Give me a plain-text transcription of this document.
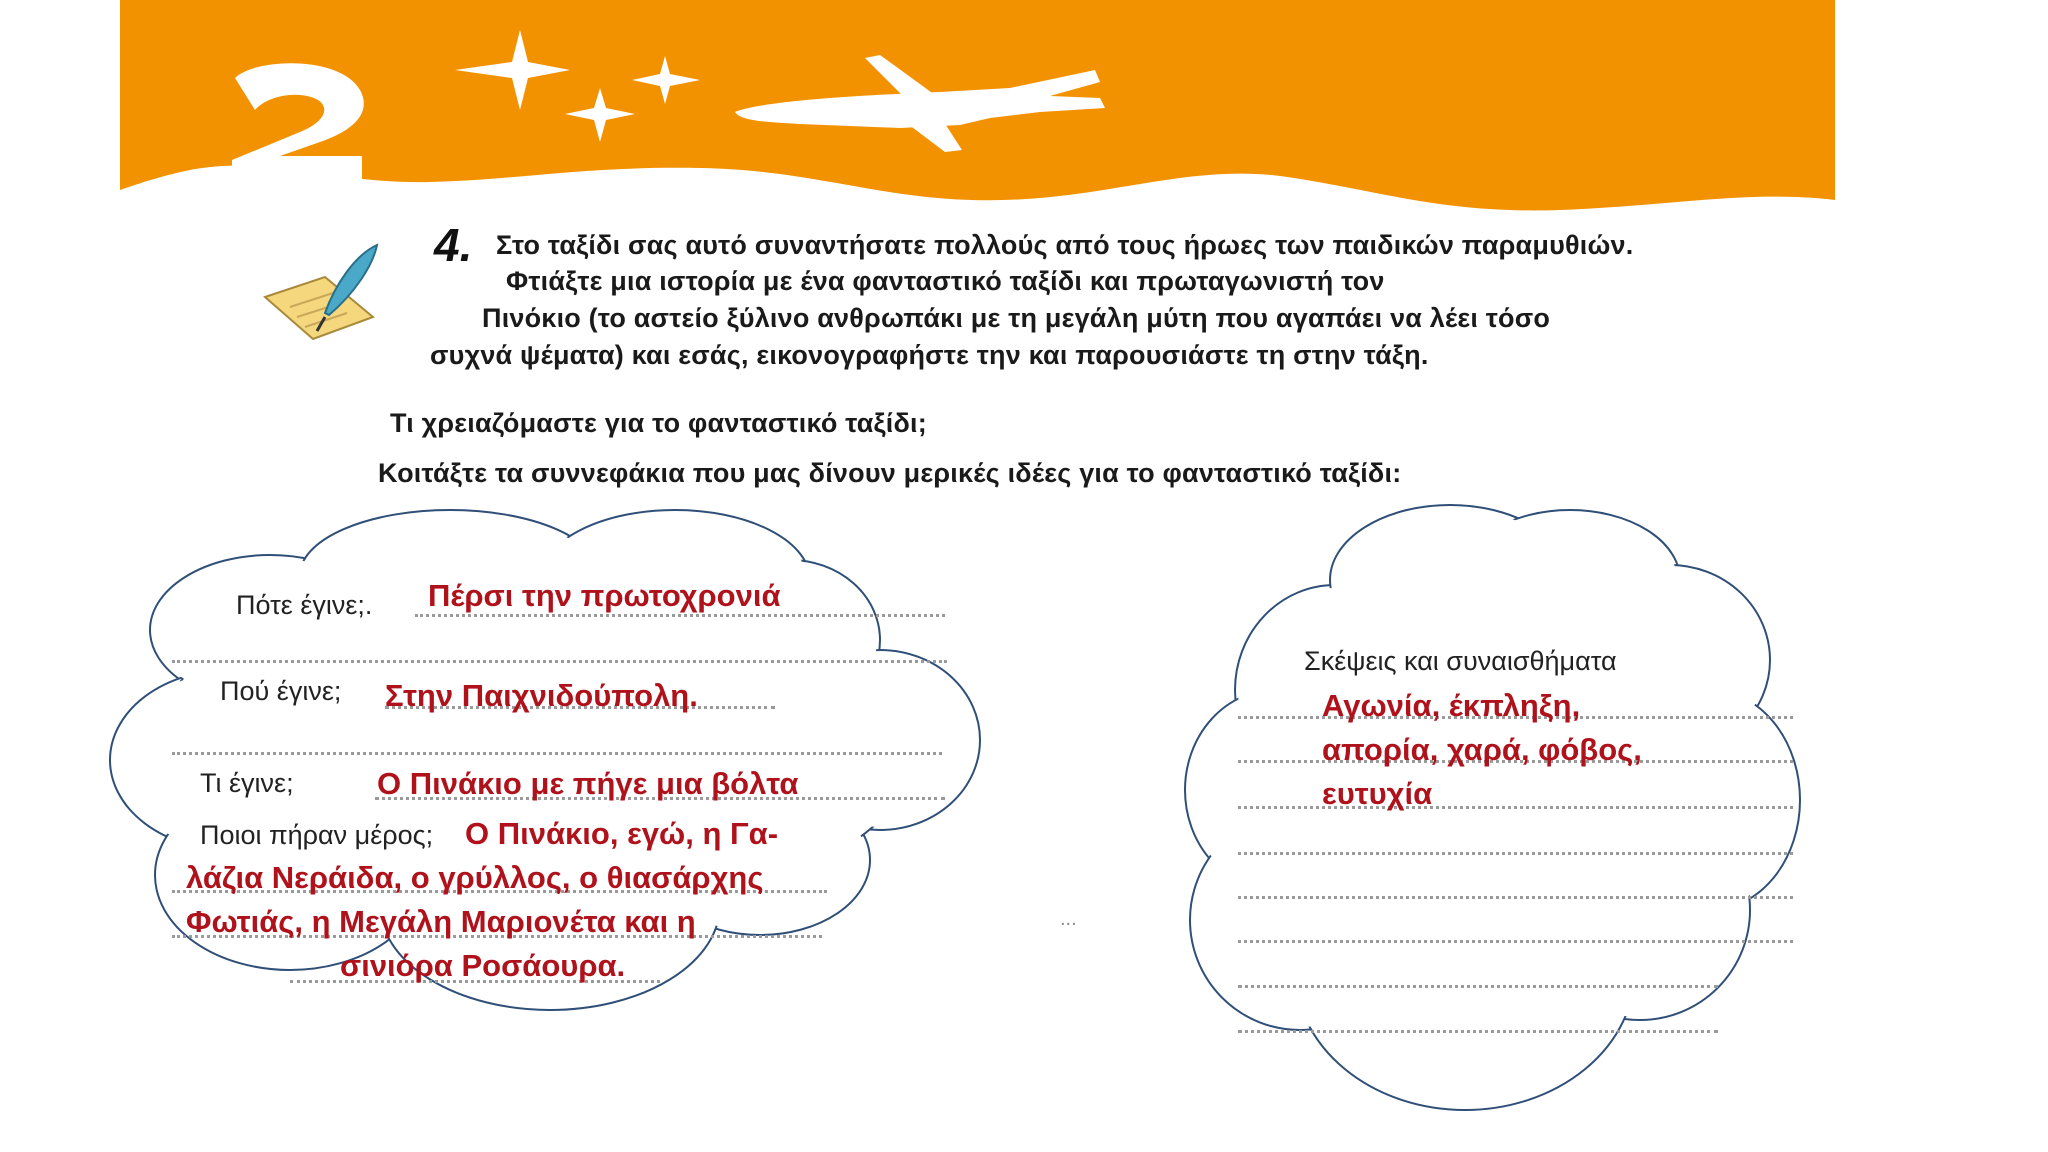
4. Στο ταξίδι σας αυτό συναντήσατε πολλούς από τους ήρωες των παιδικών παραμυθιών.
Φτιάξτε μια ιστορία με ένα φανταστικό ταξίδι και πρωταγωνιστή τον
Πινόκιο (το αστείο ξύλινο ανθρωπάκι με τη μεγάλη μύτη που αγαπάει να λέει τόσο
συχνά ψέματα) και εσάς, εικονογραφήστε την και παρουσιάστε τη στην τάξη.
Τι χρειαζόμαστε για το φανταστικό ταξίδι;
Κοιτάξτε τα συννεφάκια που μας δίνουν μερικές ιδέες για το φανταστικό ταξίδι:
Πότε έγινε;. Πέρσι την πρωτοχρονιά
Πού έγινε; Στην Παιχνιδούπολη.
Τι έγινε;	Ο Πινάκιο με πήγε μια βόλτα
Ποιοι πήραν μέρος; Ο Πινάκιο, εγώ, η Γα-
λάζια Νεράιδα, ο γρύλλος, ο θιασάρχης
Φωτιάς, η Μεγάλη Μαριονέτα και η
σινιόρα Ροσάουρα.
...
Σκέψεις και συναισθήματα
Αγωνία, έκπληξη,
απορία, χαρά, φόβος,
ευτυχία
